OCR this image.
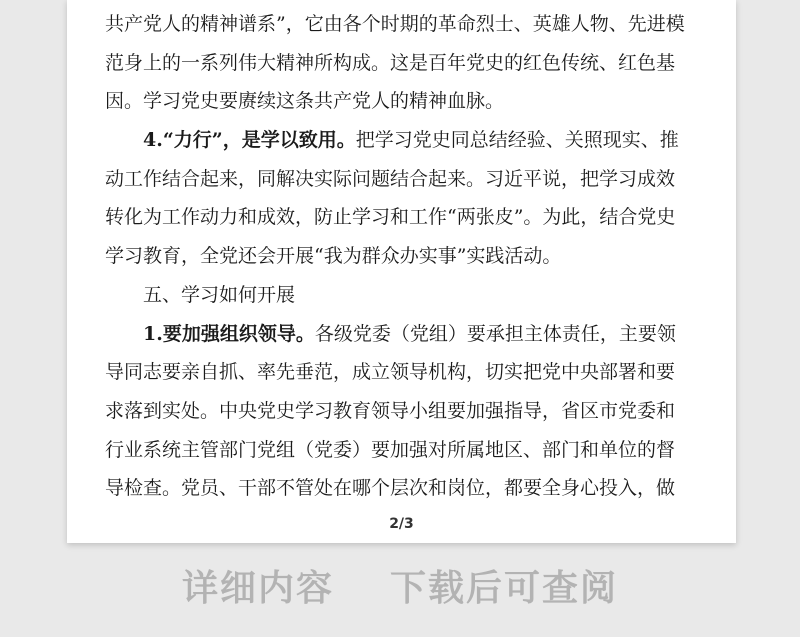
共产党人的精神谱系”，它由各个时期的革命烈士、英雄人物、先进模
范身上的一系列伟大精神所构成。这是百年党史的红色传统、红色基
因。学习党史要赓续这条共产党人的精神血脉。
4.“力行”，是学以致用。把学习党史同总结经验、关照现实、推
动工作结合起来，同解决实际问题结合起来。习近平说，把学习成效
转化为工作动力和成效，防止学习和工作“两张皮”。为此，结合党史
学习教育，全党还会开展“我为群众办实事”实践活动。
五、学习如何开展
1.要加强组织领导。各级党委（党组）要承担主体责任，主要领
导同志要亲自抓、率先垂范，成立领导机构，切实把党中央部署和要
求落到实处。中央党史学习教育领导小组要加强指导，省区市党委和
行业系统主管部门党组（党委）要加强对所属地区、部门和单位的督
导检查。党员、干部不管处在哪个层次和岗位，都要全身心投入，做
2/3
详细内容 下载后可查阅
